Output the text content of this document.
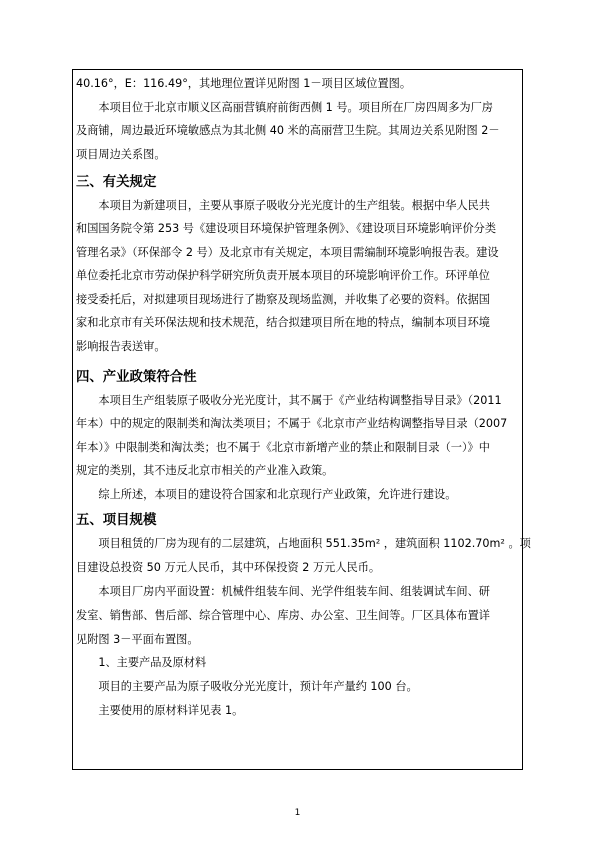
40.16°，E：116.49°，其地理位置详见附图 1－项目区域位置图。
　　本项目位于北京市顺义区高丽营镇府前街西侧 1 号。项目所在厂房四周多为厂房
及商铺，周边最近环境敏感点为其北侧 40 米的高丽营卫生院。其周边关系见附图 2－
项目周边关系图。
三、有关规定
　　本项目为新建项目，主要从事原子吸收分光光度计的生产组装。根据中华人民共
和国国务院令第 253 号《建设项目环境保护管理条例》、《建设项目环境影响评价分类
管理名录》（环保部令 2 号）及北京市有关规定，本项目需编制环境影响报告表。建设
单位委托北京市劳动保护科学研究所负责开展本项目的环境影响评价工作。环评单位
接受委托后，对拟建项目现场进行了勘察及现场监测，并收集了必要的资料。依据国
家和北京市有关环保法规和技术规范，结合拟建项目所在地的特点，编制本项目环境
影响报告表送审。
四、产业政策符合性
　　本项目生产组装原子吸收分光光度计，其不属于《产业结构调整指导目录》（2011
年本）中的规定的限制类和淘汰类项目；不属于《北京市产业结构调整指导目录（2007
年本）》中限制类和淘汰类；也不属于《北京市新增产业的禁止和限制目录（一）》中
规定的类别，其不违反北京市相关的产业准入政策。
　　综上所述，本项目的建设符合国家和北京现行产业政策，允许进行建设。
五、项目规模
　　项目租赁的厂房为现有的二层建筑，占地面积 551.35m² ，建筑面积 1102.70m² 。项
目建设总投资 50 万元人民币，其中环保投资 2 万元人民币。
　　本项目厂房内平面设置：机械件组装车间、光学件组装车间、组装调试车间、研
发室、销售部、售后部、综合管理中心、库房、办公室、卫生间等。厂区具体布置详
见附图 3－平面布置图。
　　1、主要产品及原材料
　　项目的主要产品为原子吸收分光光度计，预计年产量约 100 台。
　　主要使用的原材料详见表 1。
1
